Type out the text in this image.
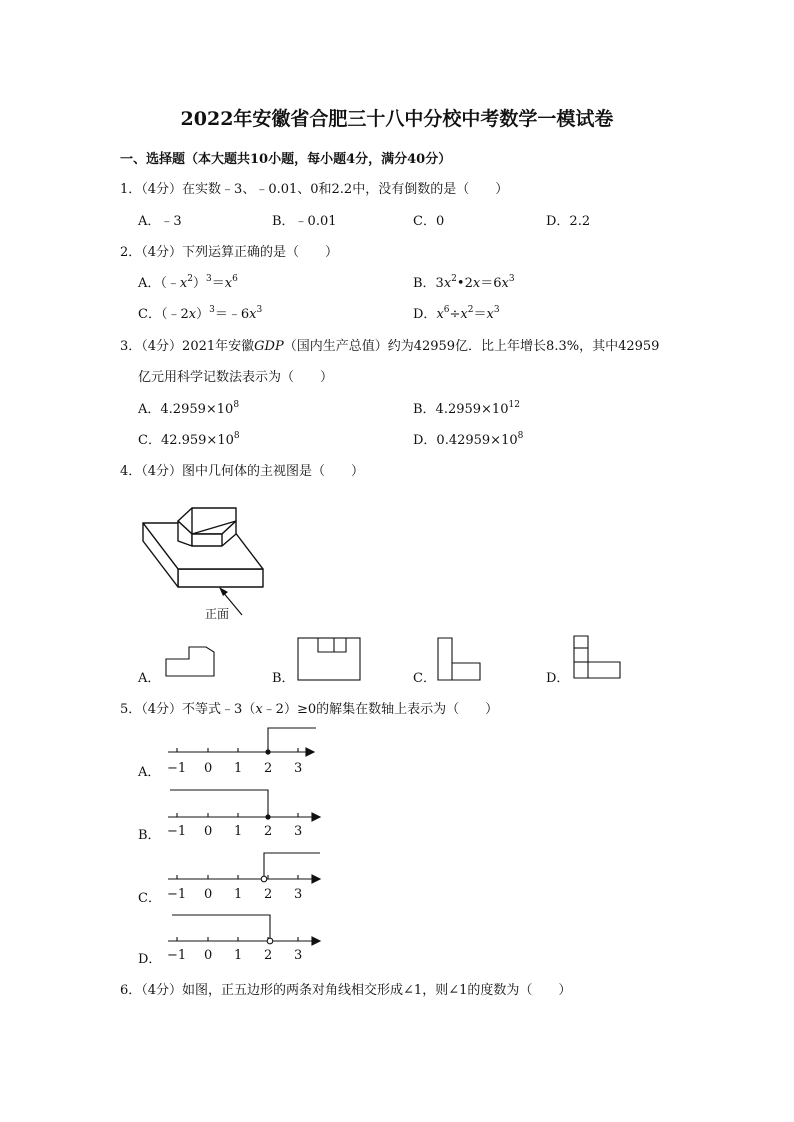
2022年安徽省合肥三十八中分校中考数学一模试卷
一、选择题（本大题共10小题，每小题4分，满分40分）
1．（4分）在实数﹣3、﹣0.01、0和2.2中，没有倒数的是（　　）
A．﹣3	B．﹣0.01	C．0	D．2.2
2．（4分）下列运算正确的是（　　）
A．$(﹣x^2)^3=x^6$	B．$3x^2•2x=6x^3$
C．$(﹣2x)^3=﹣6x^3$	D．$x^6\div x^2=x^3$
3．（4分）2021年安徽GDP（国内生产总值）约为42959亿．比上年增长8.3%，其中42959
亿元用科学记数法表示为（　　）
A．$4.2959\times 10^8$	B．$4.2959\times 10^{12}$
C．$42.959\times 10^8$	D．$0.42959\times 10^8$
4．（4分）图中几何体的主视图是（　　）
正面
A．	B．	C．	D．
5．（4分）不等式﹣3（x﹣2）≥0的解集在数轴上表示为（　　）
A． −1 0 1 2 3
B． −1 0 1 2 3
C． −1 0 1 2 3
D． −1 0 1 2 3
6．（4分）如图，正五边形的两条对角线相交形成∠1，则∠1的度数为（　　）
